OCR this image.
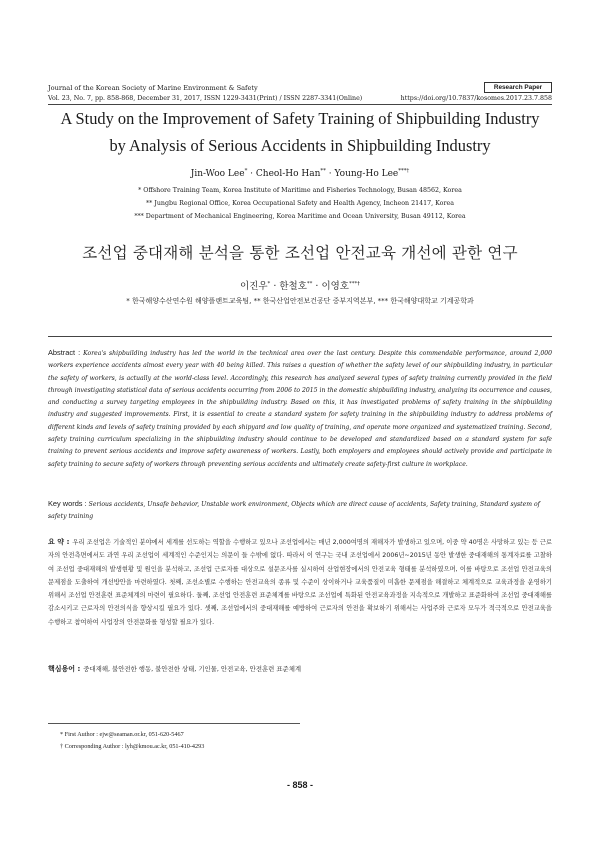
Journal of the Korean Society of Marine Environment & Safety	Research Paper
Vol. 23, No. 7, pp. 858-868, December 31, 2017, ISSN 1229-3431(Print) / ISSN 2287-3341(Online)	https://doi.org/10.7837/kosomes.2017.23.7.858
A Study on the Improvement of Safety Training of Shipbuilding Industry
by Analysis of Serious Accidents in Shipbuilding Industry
Jin-Woo Lee* · Cheol-Ho Han** · Young-Ho Lee***†
* Offshore Training Team, Korea Institute of Maritime and Fisheries Technology, Busan 48562, Korea
** Jungbu Regional Office, Korea Occupational Safety and Health Agency, Incheon 21417, Korea
*** Department of Mechanical Engineering, Korea Maritime and Ocean University, Busan 49112, Korea
조선업 중대재해 분석을 통한 조선업 안전교육 개선에 관한 연구
이진우* · 한철호** · 이영호***†
* 한국해양수산연수원 해양플랜트교육팀, ** 한국산업안전보건공단 중부지역본부, *** 한국해양대학교 기계공학과
Abstract : Korea's shipbuilding industry has led the world in the technical area over the last century. Despite this commendable performance, around 2,000 workers experience accidents almost every year with 40 being killed. This raises a question of whether the safety level of our shipbuilding industry, in particular the safety of workers, is actually at the world-class level. Accordingly, this research has analyzed several types of safety training currently provided in the field through investigating statistical data of serious accidents occurring from 2006 to 2015 in the domestic shipbuilding industry, analyzing its occurrence and causes, and conducting a survey targeting employees in the shipbuilding industry. Based on this, it has investigated problems of safety training in the shipbuilding industry and suggested improvements. First, it is essential to create a standard system for safety training in the shipbuilding industry to address problems of different kinds and levels of safety training provided by each shipyard and low quality of training, and operate more organized and systematized training. Second, safety training curriculum specializing in the shipbuilding industry should continue to be developed and standardized based on a standard system for safe training to prevent serious accidents and improve safety awareness of workers. Lastly, both employers and employees should actively provide and participate in safety training to secure safety of workers through preventing serious accidents and ultimately create safety-first culture in workplace.
Key words : Serious accidents, Unsafe behavior, Unstable work environment, Objects which are direct cause of accidents, Safety training, Standard system of safety training
요 약 : 우리 조선업은 기술적인 분야에서 세계를 선도하는 역할을 수행하고 있으나 조선업에서는 매년 2,000여명의 재해자가 발생하고 있으며, 이중 약 40명은 사망하고 있는 등 근로자의 안전측면에서도 과연 우리 조선업이 세계적인 수준인지는 의문이 들 수밖에 없다. 따라서 이 연구는 국내 조선업에서 2006년~2015년 동안 발생한 중대재해의 통계자료를 고찰하여 조선업 중대재해의 발생현황 및 원인을 분석하고, 조선업 근로자를 대상으로 설문조사를 실시하여 산업현장에서의 안전교육 형태를 분석하였으며, 이를 바탕으로 조선업 안전교육의 문제점을 도출하여 개선방안을 마련하였다. 첫째, 조선소별로 수행하는 안전교육의 종류 및 수준이 상이하거나 교육품질이 미흡한 문제점을 해결하고 체계적으로 교육과정을 운영하기 위해서 조선업 안전훈련 표준체계의 마련이 필요하다. 둘째, 조선업 안전훈련 표준체계를 바탕으로 조선업에 특화된 안전교육과정을 지속적으로 개발하고 표준화하여 조선업 중대재해를 감소시키고 근로자의 안전의식을 향상시킬 필요가 있다. 셋째, 조선업에서의 중대재해를 예방하여 근로자의 안전을 확보하기 위해서는 사업주와 근로자 모두가 적극적으로 안전교육을 수행하고 참여하여 사업장의 안전문화를 형성할 필요가 있다.
핵심용어 : 중대재해, 불안전한 행동, 불안전한 상태, 기인물, 안전교육, 안전훈련 표준체계
* First Author : ejw@seaman.or.kr, 051-620-5467
† Corresponding Author : lyh@kmou.ac.kr, 051-410-4293
- 858 -
